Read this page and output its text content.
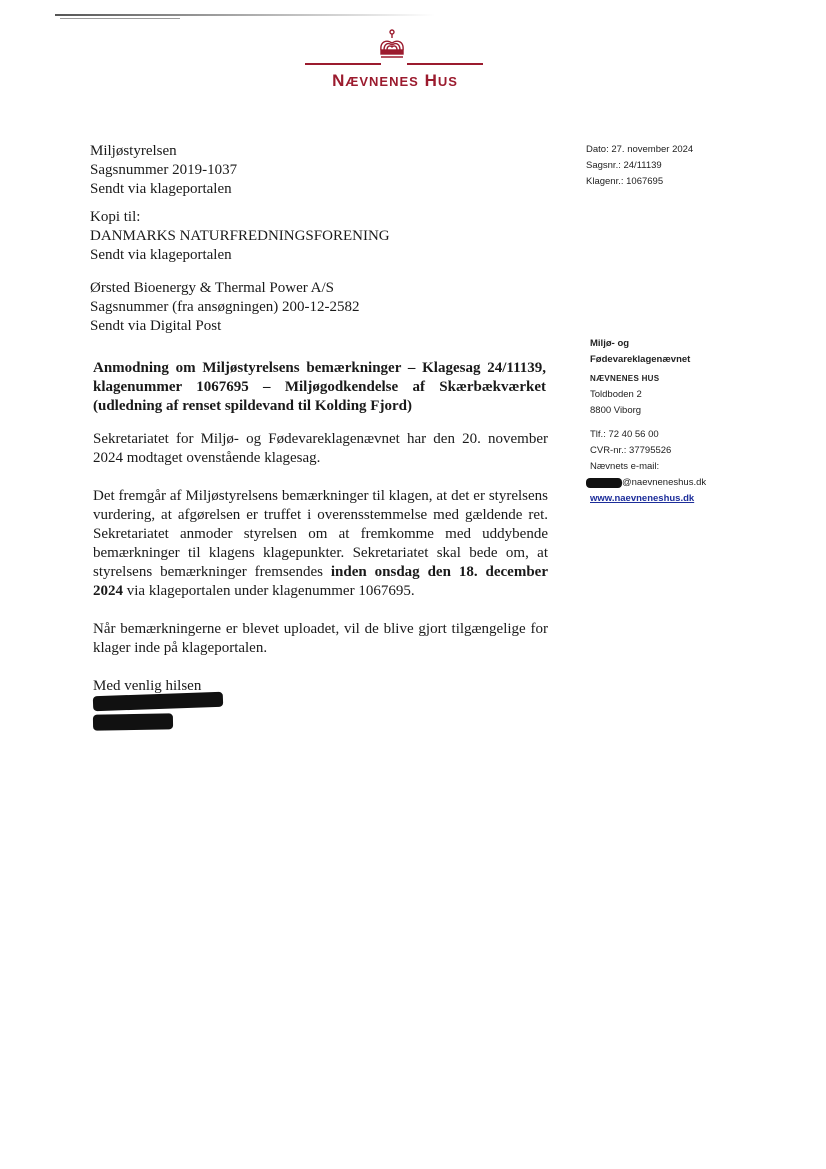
NÆVNENES HUS

Miljøstyrelsen

Sagsnummer 2019-1037

Sendt via klageportalen

Dato: 27. november 2024

Sagsnr.: 24/11139

Klagenr.: 1067695

Kopi til:

DANMARKS NATURFREDNINGSFORENING

Sendt via klageportalen

Ørsted Bioenergy & Thermal Power A/S

Sagsnummer (fra ansøgningen) 200-12-2582

Sendt via Digital Post

Miljø- og

Fødevareklagenævnet

NÆVNENES HUS

Toldboden 2

8800 Viborg

Tlf.: 72 40 56 00

CVR-nr.: 37795526

Nævnets e-mail:

@naevneneshus.dk

www.naevneneshus.dk

Anmodning om Miljøstyrelsens bemærkninger – Klagesag 24/11139, klagenummer 1067695 – Miljøgodkendelse af Skærbækværket (udledning af renset spildevand til Kolding Fjord)

Sekretariatet for Miljø- og Fødevareklagenævnet har den 20. november 2024 modtaget ovenstående klagesag.

Det fremgår af Miljøstyrelsens bemærkninger til klagen, at det er styrelsens vurdering, at afgørelsen er truffet i overensstemmelse med gældende ret. Sekretariatet anmoder styrelsen om at fremkomme med uddybende bemærkninger til klagens klagepunkter. Sekretariatet skal bede om, at styrelsens bemærkninger fremsendes inden onsdag den 18. december 2024 via klageportalen under klagenummer 1067695.

Når bemærkningerne er blevet uploadet, vil de blive gjort tilgængelige for klager inde på klageportalen.

Med venlig hilsen
